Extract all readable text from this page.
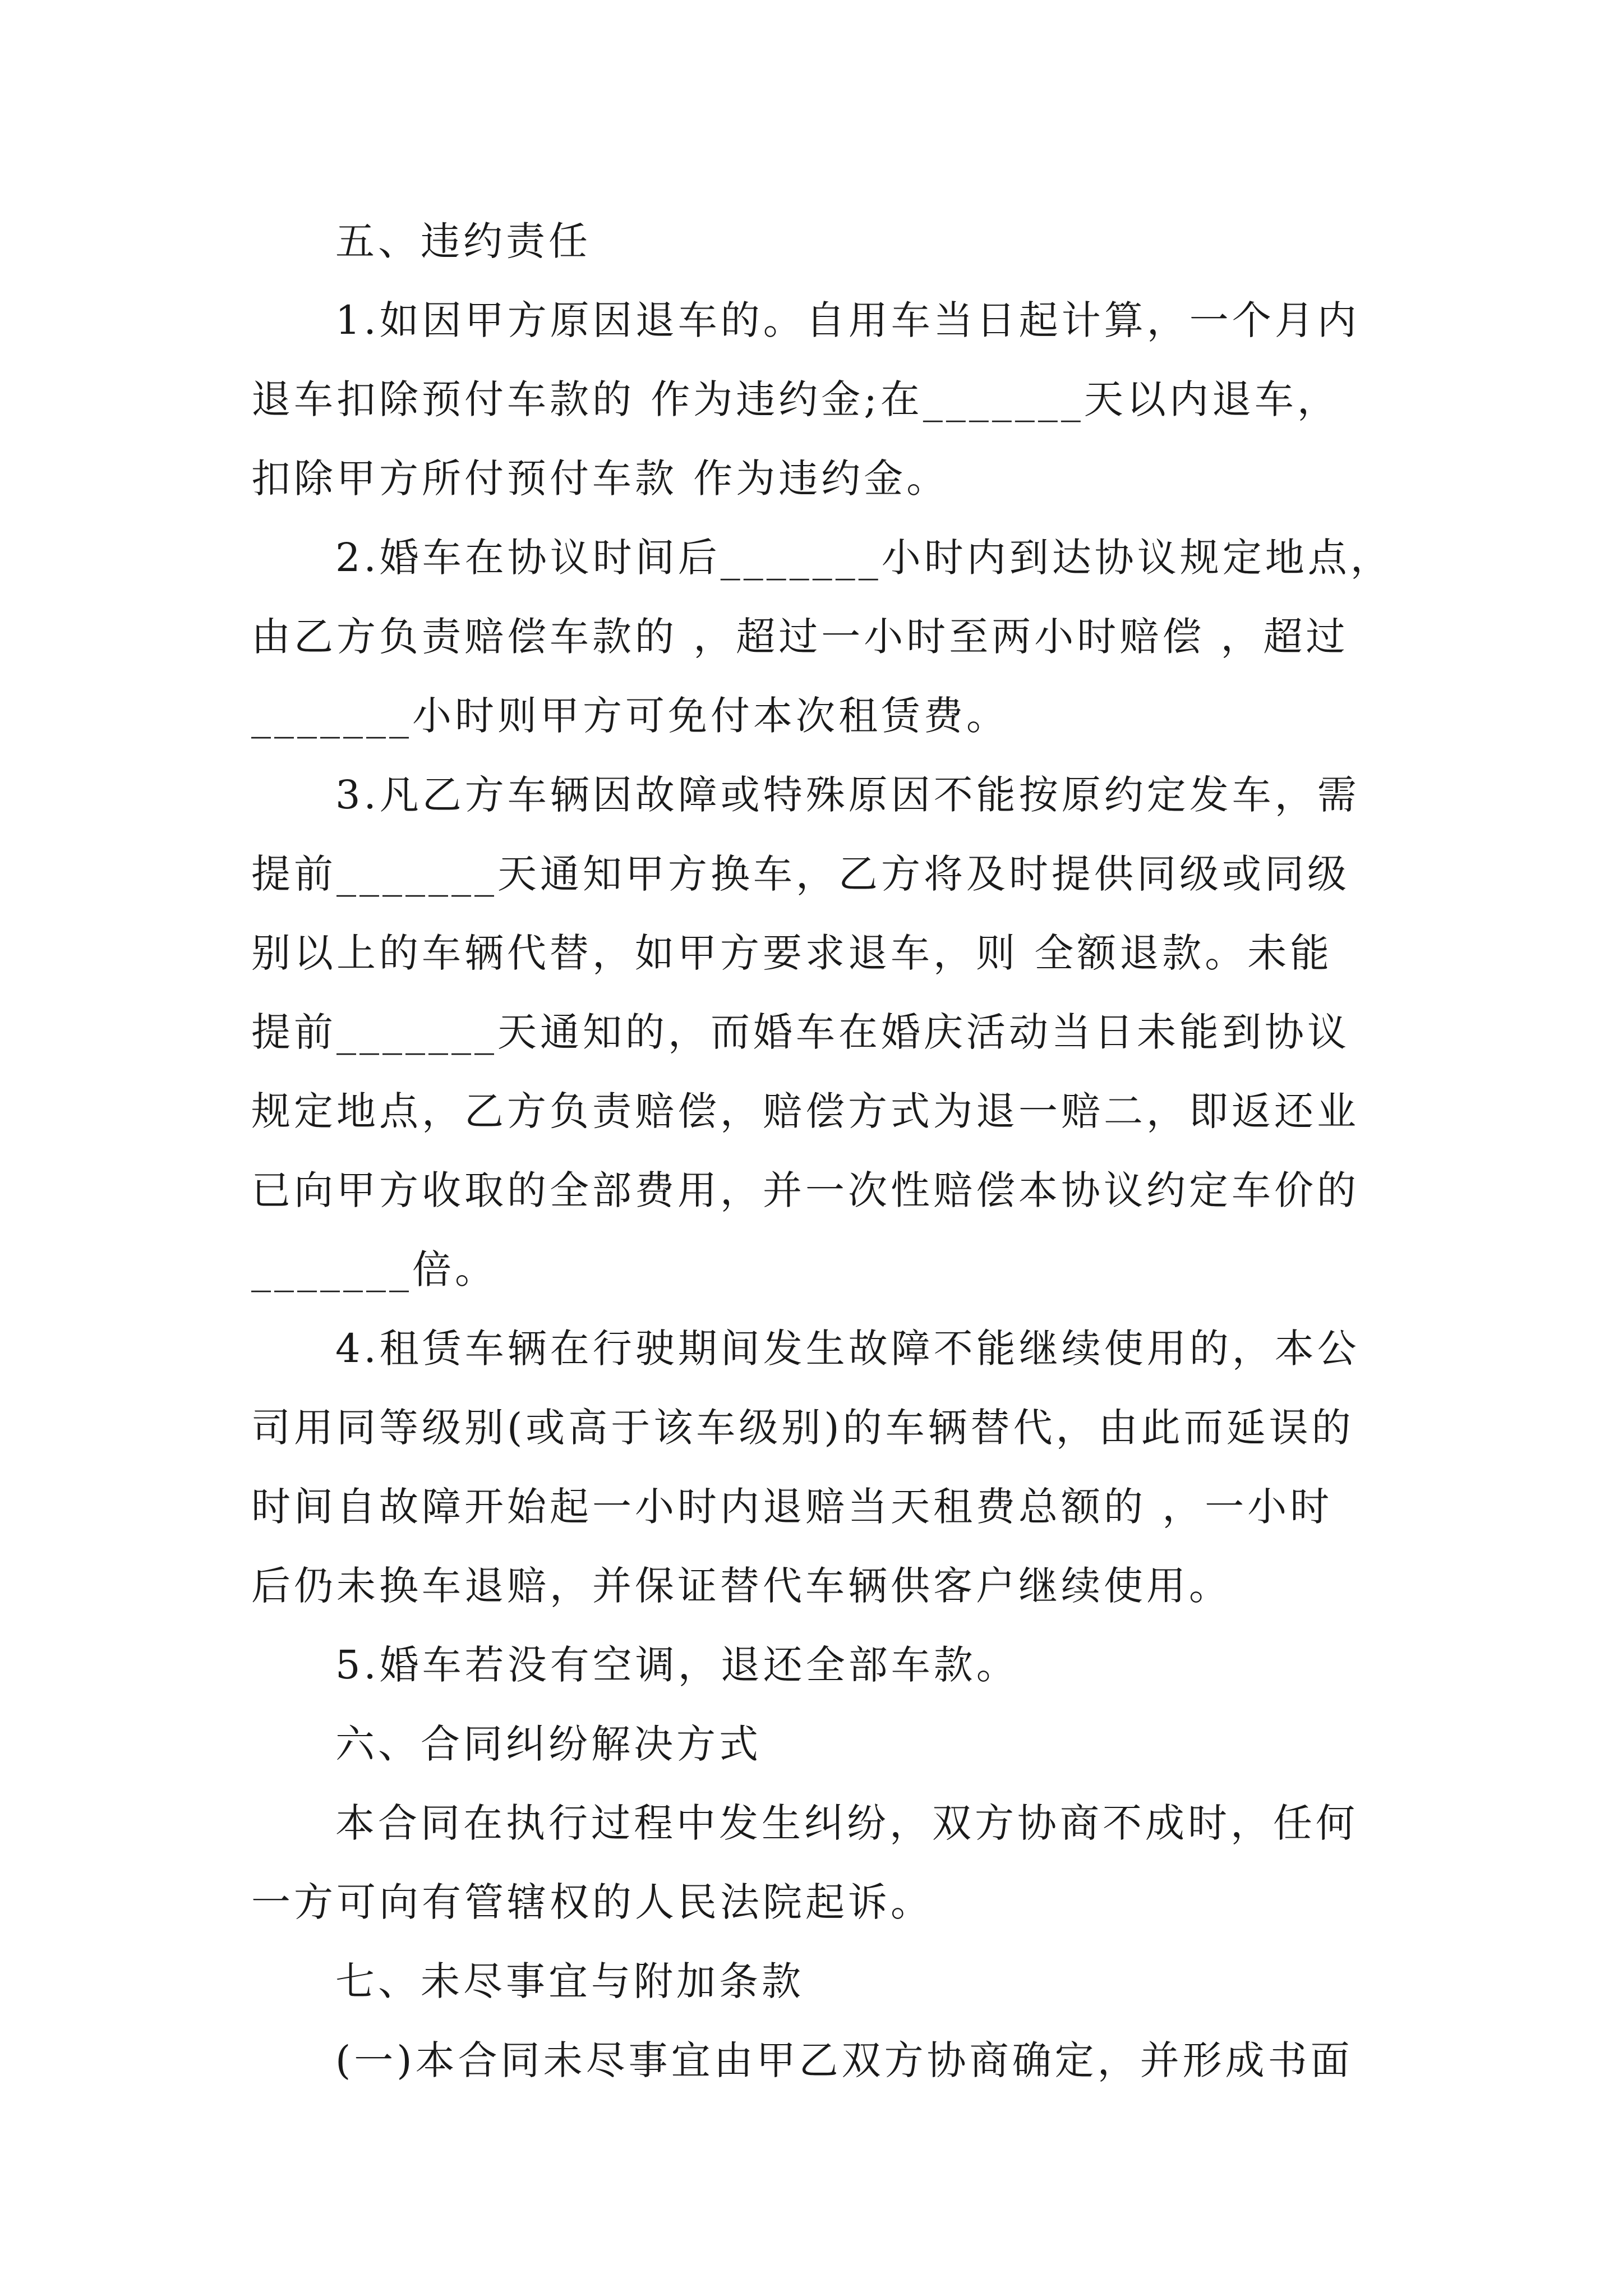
五、违约责任
1.如因甲方原因退车的。自用车当日起计算，一个月内
退车扣除预付车款的 作为违约金;在_______天以内退车，
扣除甲方所付预付车款 作为违约金。
2.婚车在协议时间后_______小时内到达协议规定地点，
由乙方负责赔偿车款的 ，超过一小时至两小时赔偿 ，超过
_______小时则甲方可免付本次租赁费。
3.凡乙方车辆因故障或特殊原因不能按原约定发车，需
提前_______天通知甲方换车，乙方将及时提供同级或同级
别以上的车辆代替，如甲方要求退车，则 全额退款。未能
提前_______天通知的，而婚车在婚庆活动当日未能到协议
规定地点，乙方负责赔偿，赔偿方式为退一赔二，即返还业
已向甲方收取的全部费用，并一次性赔偿本协议约定车价的
_______倍。
4.租赁车辆在行驶期间发生故障不能继续使用的，本公
司用同等级别(或高于该车级别)的车辆替代，由此而延误的
时间自故障开始起一小时内退赔当天租费总额的 ，一小时
后仍未换车退赔，并保证替代车辆供客户继续使用。
5.婚车若没有空调，退还全部车款。
六、合同纠纷解决方式
本合同在执行过程中发生纠纷，双方协商不成时，任何
一方可向有管辖权的人民法院起诉。
七、未尽事宜与附加条款
(一)本合同未尽事宜由甲乙双方协商确定，并形成书面
